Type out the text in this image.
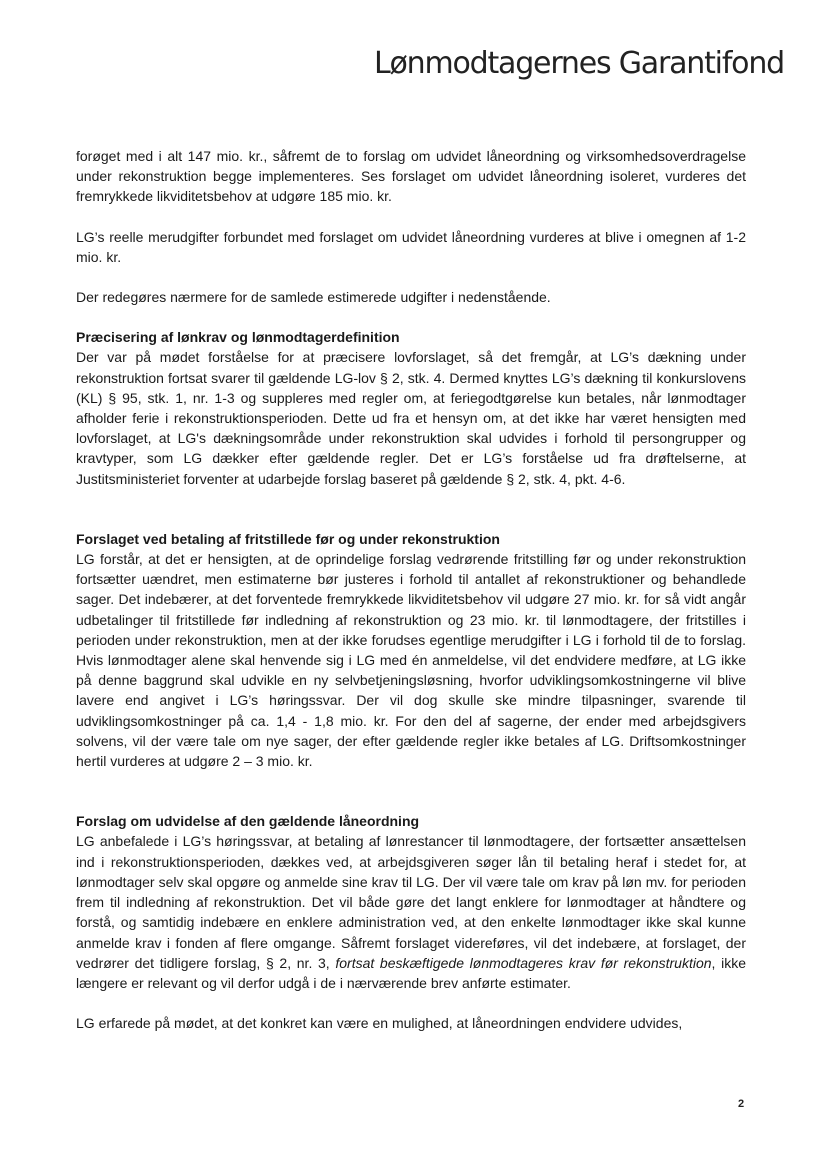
Lønmodtagernes Garantifond

forøget med i alt 147 mio. kr., såfremt de to forslag om udvidet låneordning og virksomhedsoverdragelse under rekonstruktion begge implementeres. Ses forslaget om udvidet låneordning isoleret, vurderes det fremrykkede likviditetsbehov at udgøre 185 mio. kr.

LG’s reelle merudgifter forbundet med forslaget om udvidet låneordning vurderes at blive i omegnen af 1-2 mio. kr.

Der redegøres nærmere for de samlede estimerede udgifter i nedenstående.

Præcisering af lønkrav og lønmodtagerdefinition

Der var på mødet forståelse for at præcisere lovforslaget, så det fremgår, at LG’s dækning under rekonstruktion fortsat svarer til gældende LG-lov § 2, stk. 4. Dermed knyttes LG’s dækning til konkurslovens (KL) § 95, stk. 1, nr. 1-3 og suppleres med regler om, at feriegodtgørelse kun betales, når lønmodtager afholder ferie i rekonstruktionsperioden. Dette ud fra et hensyn om, at det ikke har været hensigten med lovforslaget, at LG's dækningsområde under rekonstruktion skal udvides i forhold til persongrupper og kravtyper, som LG dækker efter gældende regler. Det er LG’s forståelse ud fra drøftelserne, at Justitsministeriet forventer at udarbejde forslag baseret på gældende § 2, stk. 4, pkt. 4-6.

Forslaget ved betaling af fritstillede før og under rekonstruktion

LG forstår, at det er hensigten, at de oprindelige forslag vedrørende fritstilling før og under rekonstruktion fortsætter uændret, men estimaterne bør justeres i forhold til antallet af rekonstruktioner og behandlede sager. Det indebærer, at det forventede fremrykkede likviditetsbehov vil udgøre 27 mio. kr. for så vidt angår udbetalinger til fritstillede før indledning af rekonstruktion og 23 mio. kr. til lønmodtagere, der fritstilles i perioden under rekonstruktion, men at der ikke forudses egentlige merudgifter i LG i forhold til de to forslag. Hvis lønmodtager alene skal henvende sig i LG med én anmeldelse, vil det endvidere medføre, at LG ikke på denne baggrund skal udvikle en ny selvbetjeningsløsning, hvorfor udviklingsomkostningerne vil blive lavere end angivet i LG’s høringssvar. Der vil dog skulle ske mindre tilpasninger, svarende til udviklingsomkostninger på ca. 1,4 - 1,8 mio. kr. For den del af sagerne, der ender med arbejdsgivers solvens, vil der være tale om nye sager, der efter gældende regler ikke betales af LG. Driftsomkostninger hertil vurderes at udgøre 2 – 3 mio. kr.

Forslag om udvidelse af den gældende låneordning

LG anbefalede i LG’s høringssvar, at betaling af lønrestancer til lønmodtagere, der fortsætter ansættelsen ind i rekonstruktionsperioden, dækkes ved, at arbejdsgiveren søger lån til betaling heraf i stedet for, at lønmodtager selv skal opgøre og anmelde sine krav til LG. Der vil være tale om krav på løn mv. for perioden frem til indledning af rekonstruktion. Det vil både gøre det langt enklere for lønmodtager at håndtere og forstå, og samtidig indebære en enklere administration ved, at den enkelte lønmodtager ikke skal kunne anmelde krav i fonden af flere omgange. Såfremt forslaget videreføres, vil det indebære, at forslaget, der vedrører det tidligere forslag, § 2, nr. 3, fortsat beskæftigede lønmodtageres krav før rekonstruktion, ikke længere er relevant og vil derfor udgå i de i nærværende brev anførte estimater.

LG erfarede på mødet, at det konkret kan være en mulighed, at låneordningen endvidere udvides,

2
